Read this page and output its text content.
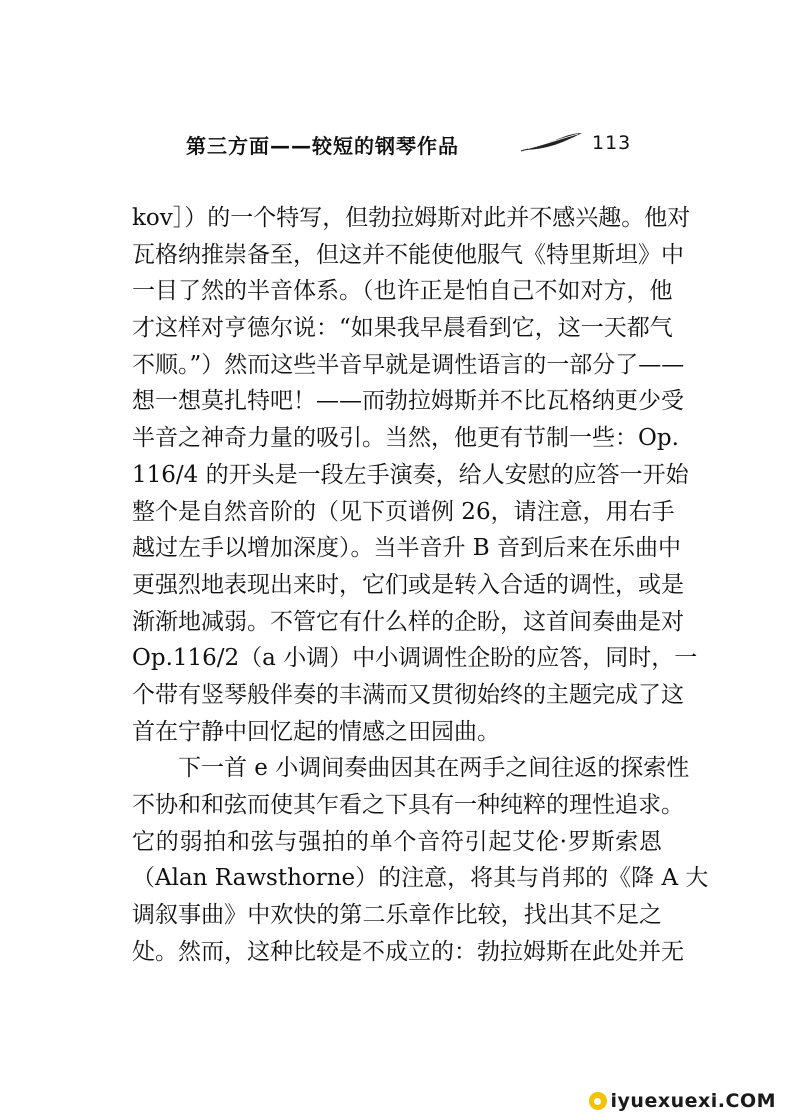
第三方面——较短的钢琴作品	113
kov］）的一个特写，但勃拉姆斯对此并不感兴趣。他对
瓦格纳推崇备至，但这并不能使他服气《特里斯坦》中
一目了然的半音体系。（也许正是怕自己不如对方，他
才这样对亨德尔说：“如果我早晨看到它，这一天都气
不顺。”）然而这些半音早就是调性语言的一部分了——
想一想莫扎特吧！——而勃拉姆斯并不比瓦格纳更少受
半音之神奇力量的吸引。当然，他更有节制一些：Op.
116/4 的开头是一段左手演奏，给人安慰的应答一开始
整个是自然音阶的（见下页谱例 26，请注意，用右手
越过左手以增加深度）。当半音升 B 音到后来在乐曲中
更强烈地表现出来时，它们或是转入合适的调性，或是
渐渐地减弱。不管它有什么样的企盼，这首间奏曲是对
Op.116/2（a 小调）中小调调性企盼的应答，同时，一
个带有竖琴般伴奏的丰满而又贯彻始终的主题完成了这
首在宁静中回忆起的情感之田园曲。
下一首 e 小调间奏曲因其在两手之间往返的探索性
不协和和弦而使其乍看之下具有一种纯粹的理性追求。
它的弱拍和弦与强拍的单个音符引起艾伦·罗斯索恩
（Alan Rawsthorne）的注意，将其与肖邦的《降 A 大
调叙事曲》中欢快的第二乐章作比较，找出其不足之
处。然而，这种比较是不成立的：勃拉姆斯在此处并无
iyuexuexi.COM
